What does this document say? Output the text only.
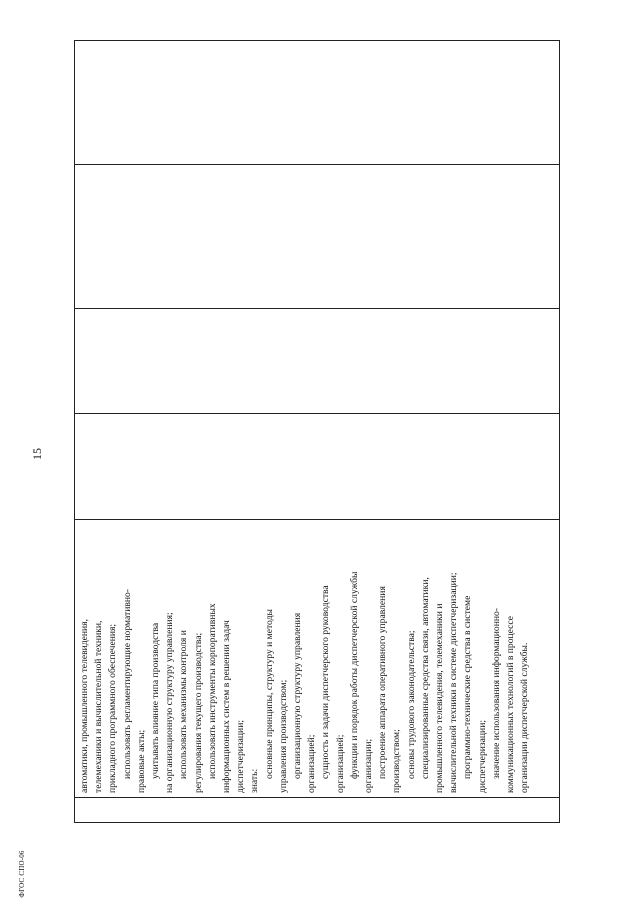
автоматики, промышленного телевидения, телемеханики и вычислительной техники, прикладного программного обеспечения; использовать регламентирующие нормативно- правовые акты; учитывать влияние типа производства на организационную структуру управления; использовать механизмы контроля и регулирования текущего производства; использовать инструменты корпоративных информационных систем в решении задач диспетчеризации; знать:
основные принципы, структуру и методы управления производством; организационную структуру управления организацией; сущность и задачи диспетчерского руководства организацией; функции и порядок работы диспетчерской службы организации; построение аппарата оперативного управления производством; основы трудового законодательства; специализированные средства связи, автоматики, промышленного телевидения, телемеханики и вычислительной техники в системе диспетчеризации; программно-технические средства в системе диспетчеризации; значение использования информационно- коммуникационных технологий в процессе организации диспетчерской службы.

15
ФГОС СПО-06
